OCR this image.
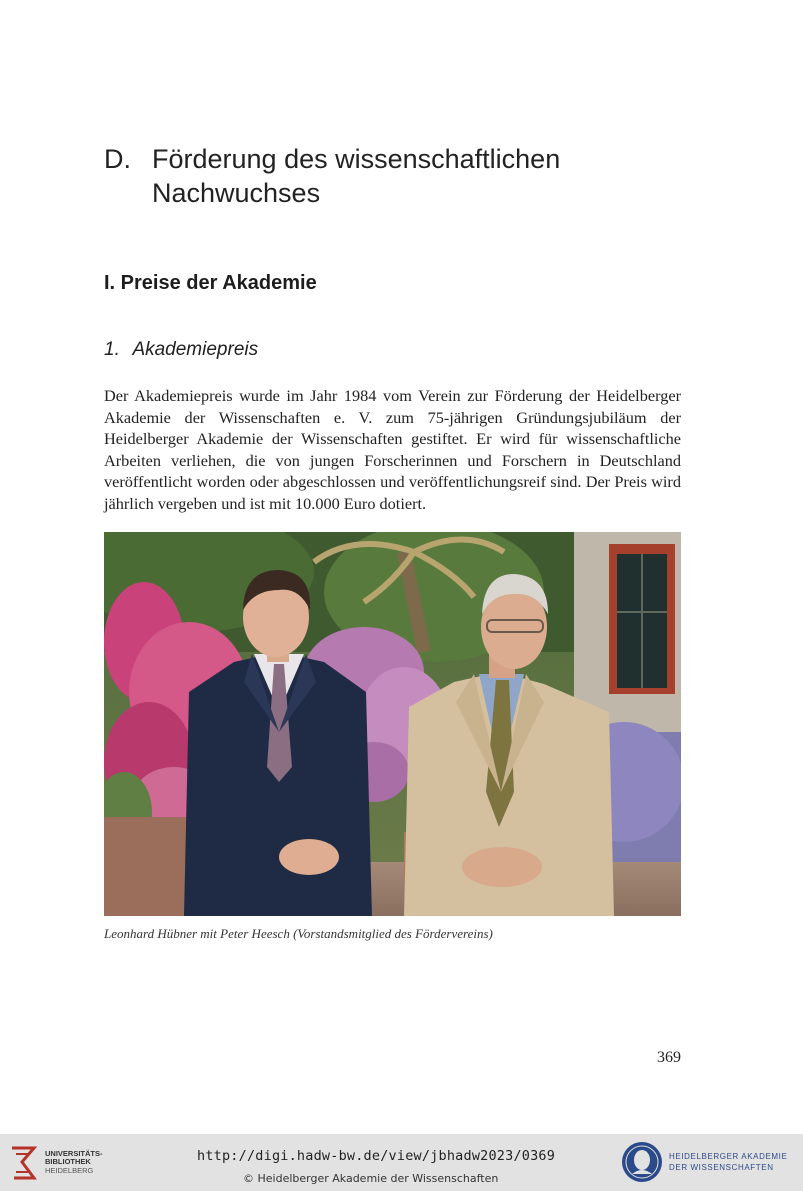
D. Förderung des wissenschaftlichen
Nachwuchses
I. Preise der Akademie
1. Akademiepreis

Der Akademiepreis wurde im Jahr 1984 vom Verein zur Förderung der Heidelberger Akademie der Wissenschaften e. V. zum 75-jährigen Gründungsjubiläum der Heidelberger Akademie der Wissenschaften gestiftet. Er wird für wissenschaftliche Arbeiten verliehen, die von jungen Forscherinnen und Forschern in Deutschland veröffentlicht worden oder abgeschlossen und veröffentlichungsreif sind. Der Preis wird jährlich vergeben und ist mit 10.000 Euro dotiert.

Leonhard Hübner mit Peter Heesch (Vorstandsmitglied des Fördervereins)
369
UNIVERSITÄTS-
BIBLIOTHEK
HEIDELBERG
http://digi.hadw-bw.de/view/jbhadw2023/0369
© Heidelberger Akademie der Wissenschaften
HEIDELBERGER AKADEMIE
DER WISSENSCHAFTEN
